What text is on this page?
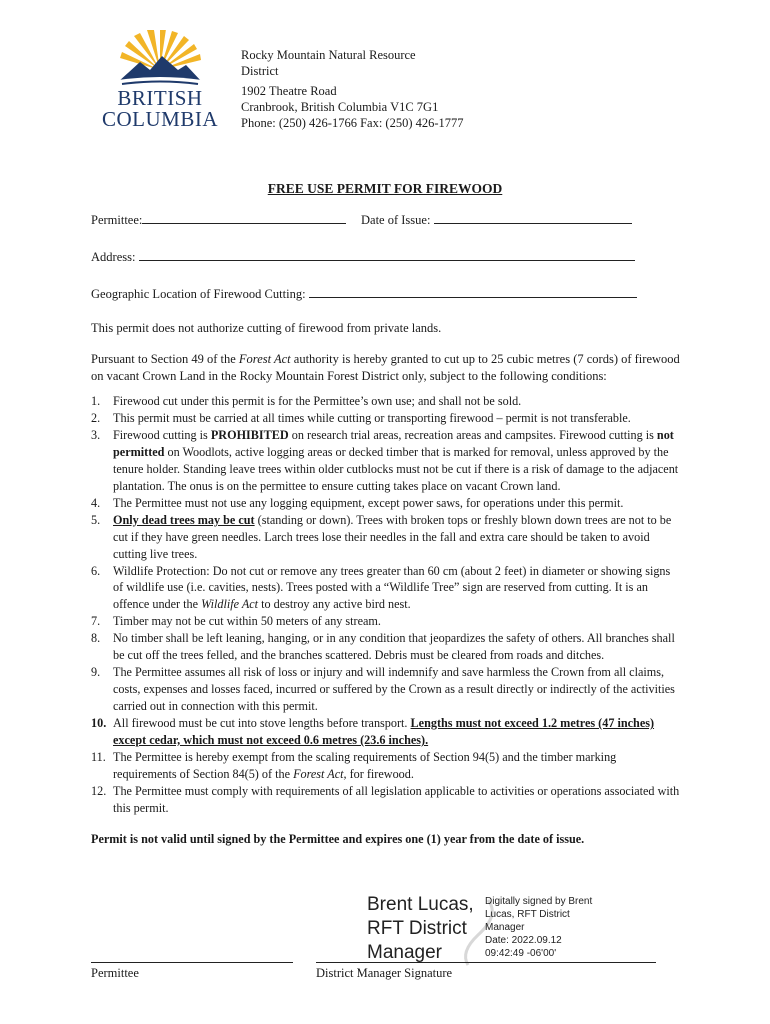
BRITISH
COLUMBIA
Rocky Mountain Natural Resource
District
1902 Theatre Road
Cranbrook, British Columbia V1C 7G1
Phone: (250) 426-1766 Fax: (250) 426-1777
FREE USE PERMIT FOR FIREWOOD
Permittee:	Date of Issue:
Address:
Geographic Location of Firewood Cutting:
This permit does not authorize cutting of firewood from private lands.
Pursuant to Section 49 of the Forest Act authority is hereby granted to cut up to 25 cubic metres (7 cords) of firewood on vacant Crown Land in the Rocky Mountain Forest District only, subject to the following conditions:
1. Firewood cut under this permit is for the Permittee’s own use; and shall not be sold.
2. This permit must be carried at all times while cutting or transporting firewood – permit is not transferable.
3. Firewood cutting is PROHIBITED on research trial areas, recreation areas and campsites. Firewood cutting is not permitted on Woodlots, active logging areas or decked timber that is marked for removal, unless approved by the tenure holder. Standing leave trees within older cutblocks must not be cut if there is a risk of damage to the adjacent plantation. The onus is on the permittee to ensure cutting takes place on vacant Crown land.
4. The Permittee must not use any logging equipment, except power saws, for operations under this permit.
5. Only dead trees may be cut (standing or down). Trees with broken tops or freshly blown down trees are not to be cut if they have green needles. Larch trees lose their needles in the fall and extra care should be taken to avoid cutting live trees.
6. Wildlife Protection: Do not cut or remove any trees greater than 60 cm (about 2 feet) in diameter or showing signs of wildlife use (i.e. cavities, nests). Trees posted with a “Wildlife Tree” sign are reserved from cutting. It is an offence under the Wildlife Act to destroy any active bird nest.
7. Timber may not be cut within 50 meters of any stream.
8. No timber shall be left leaning, hanging, or in any condition that jeopardizes the safety of others. All branches shall be cut off the trees felled, and the branches scattered. Debris must be cleared from roads and ditches.
9. The Permittee assumes all risk of loss or injury and will indemnify and save harmless the Crown from all claims, costs, expenses and losses faced, incurred or suffered by the Crown as a result directly or indirectly of the activities carried out in connection with this permit.
10. All firewood must be cut into stove lengths before transport. Lengths must not exceed 1.2 metres (47 inches) except cedar, which must not exceed 0.6 metres (23.6 inches).
11. The Permittee is hereby exempt from the scaling requirements of Section 94(5) and the timber marking requirements of Section 84(5) of the Forest Act, for firewood.
12. The Permittee must comply with requirements of all legislation applicable to activities or operations associated with this permit.
Permit is not valid until signed by the Permittee and expires one (1) year from the date of issue.
Brent Lucas,
RFT District
Manager
Digitally signed by Brent
Lucas, RFT District
Manager
Date: 2022.09.12
09:42:49 -06'00'
Permittee	District Manager Signature
